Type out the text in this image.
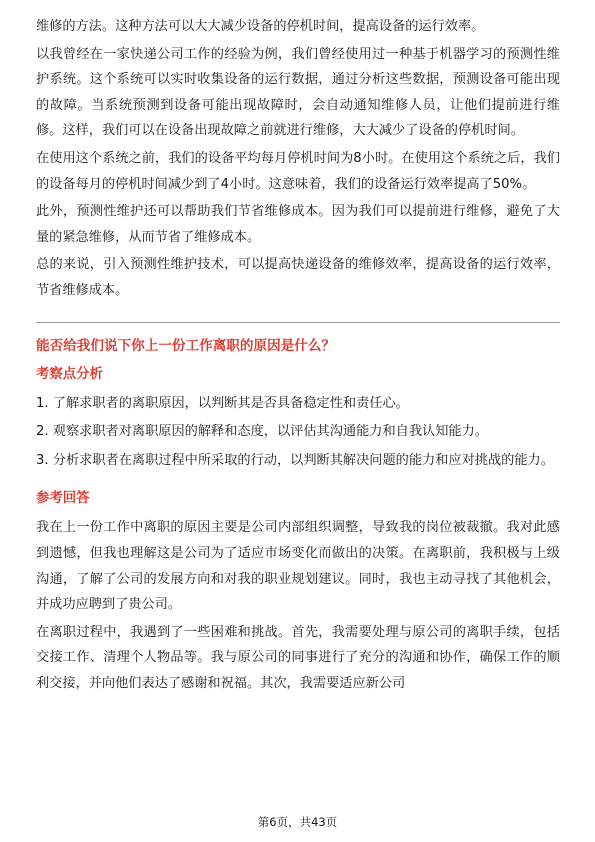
维修的方法。这种方法可以大大减少设备的停机时间，提高设备的运行效率。

以我曾经在一家快递公司工作的经验为例，我们曾经使用过一种基于机器学习的预测性维护系统。这个系统可以实时收集设备的运行数据，通过分析这些数据，预测设备可能出现的故障。当系统预测到设备可能出现故障时，会自动通知维修人员，让他们提前进行维修。这样，我们可以在设备出现故障之前就进行维修，大大减少了设备的停机时间。

在使用这个系统之前，我们的设备平均每月停机时间为8小时。在使用这个系统之后，我们的设备每月的停机时间减少到了4小时。这意味着，我们的设备运行效率提高了50%。

此外，预测性维护还可以帮助我们节省维修成本。因为我们可以提前进行维修，避免了大量的紧急维修，从而节省了维修成本。

总的来说，引入预测性维护技术，可以提高快递设备的维修效率，提高设备的运行效率，节省维修成本。

能否给我们说下你上一份工作离职的原因是什么？

考察点分析
1. 了解求职者的离职原因，以判断其是否具备稳定性和责任心。
2. 观察求职者对离职原因的解释和态度，以评估其沟通能力和自我认知能力。
3. 分析求职者在离职过程中所采取的行动，以判断其解决问题的能力和应对挑战的能力。
参考回答

我在上一份工作中离职的原因主要是公司内部组织调整，导致我的岗位被裁撤。我对此感到遗憾，但我也理解这是公司为了适应市场变化而做出的决策。在离职前，我积极与上级沟通，了解了公司的发展方向和对我的职业规划建议。同时，我也主动寻找了其他机会，并成功应聘到了贵公司。

在离职过程中，我遇到了一些困难和挑战。首先，我需要处理与原公司的离职手续，包括交接工作、清理个人物品等。我与原公司的同事进行了充分的沟通和协作，确保工作的顺利交接，并向他们表达了感谢和祝福。其次，我需要适应新公司

第6页，共43页
